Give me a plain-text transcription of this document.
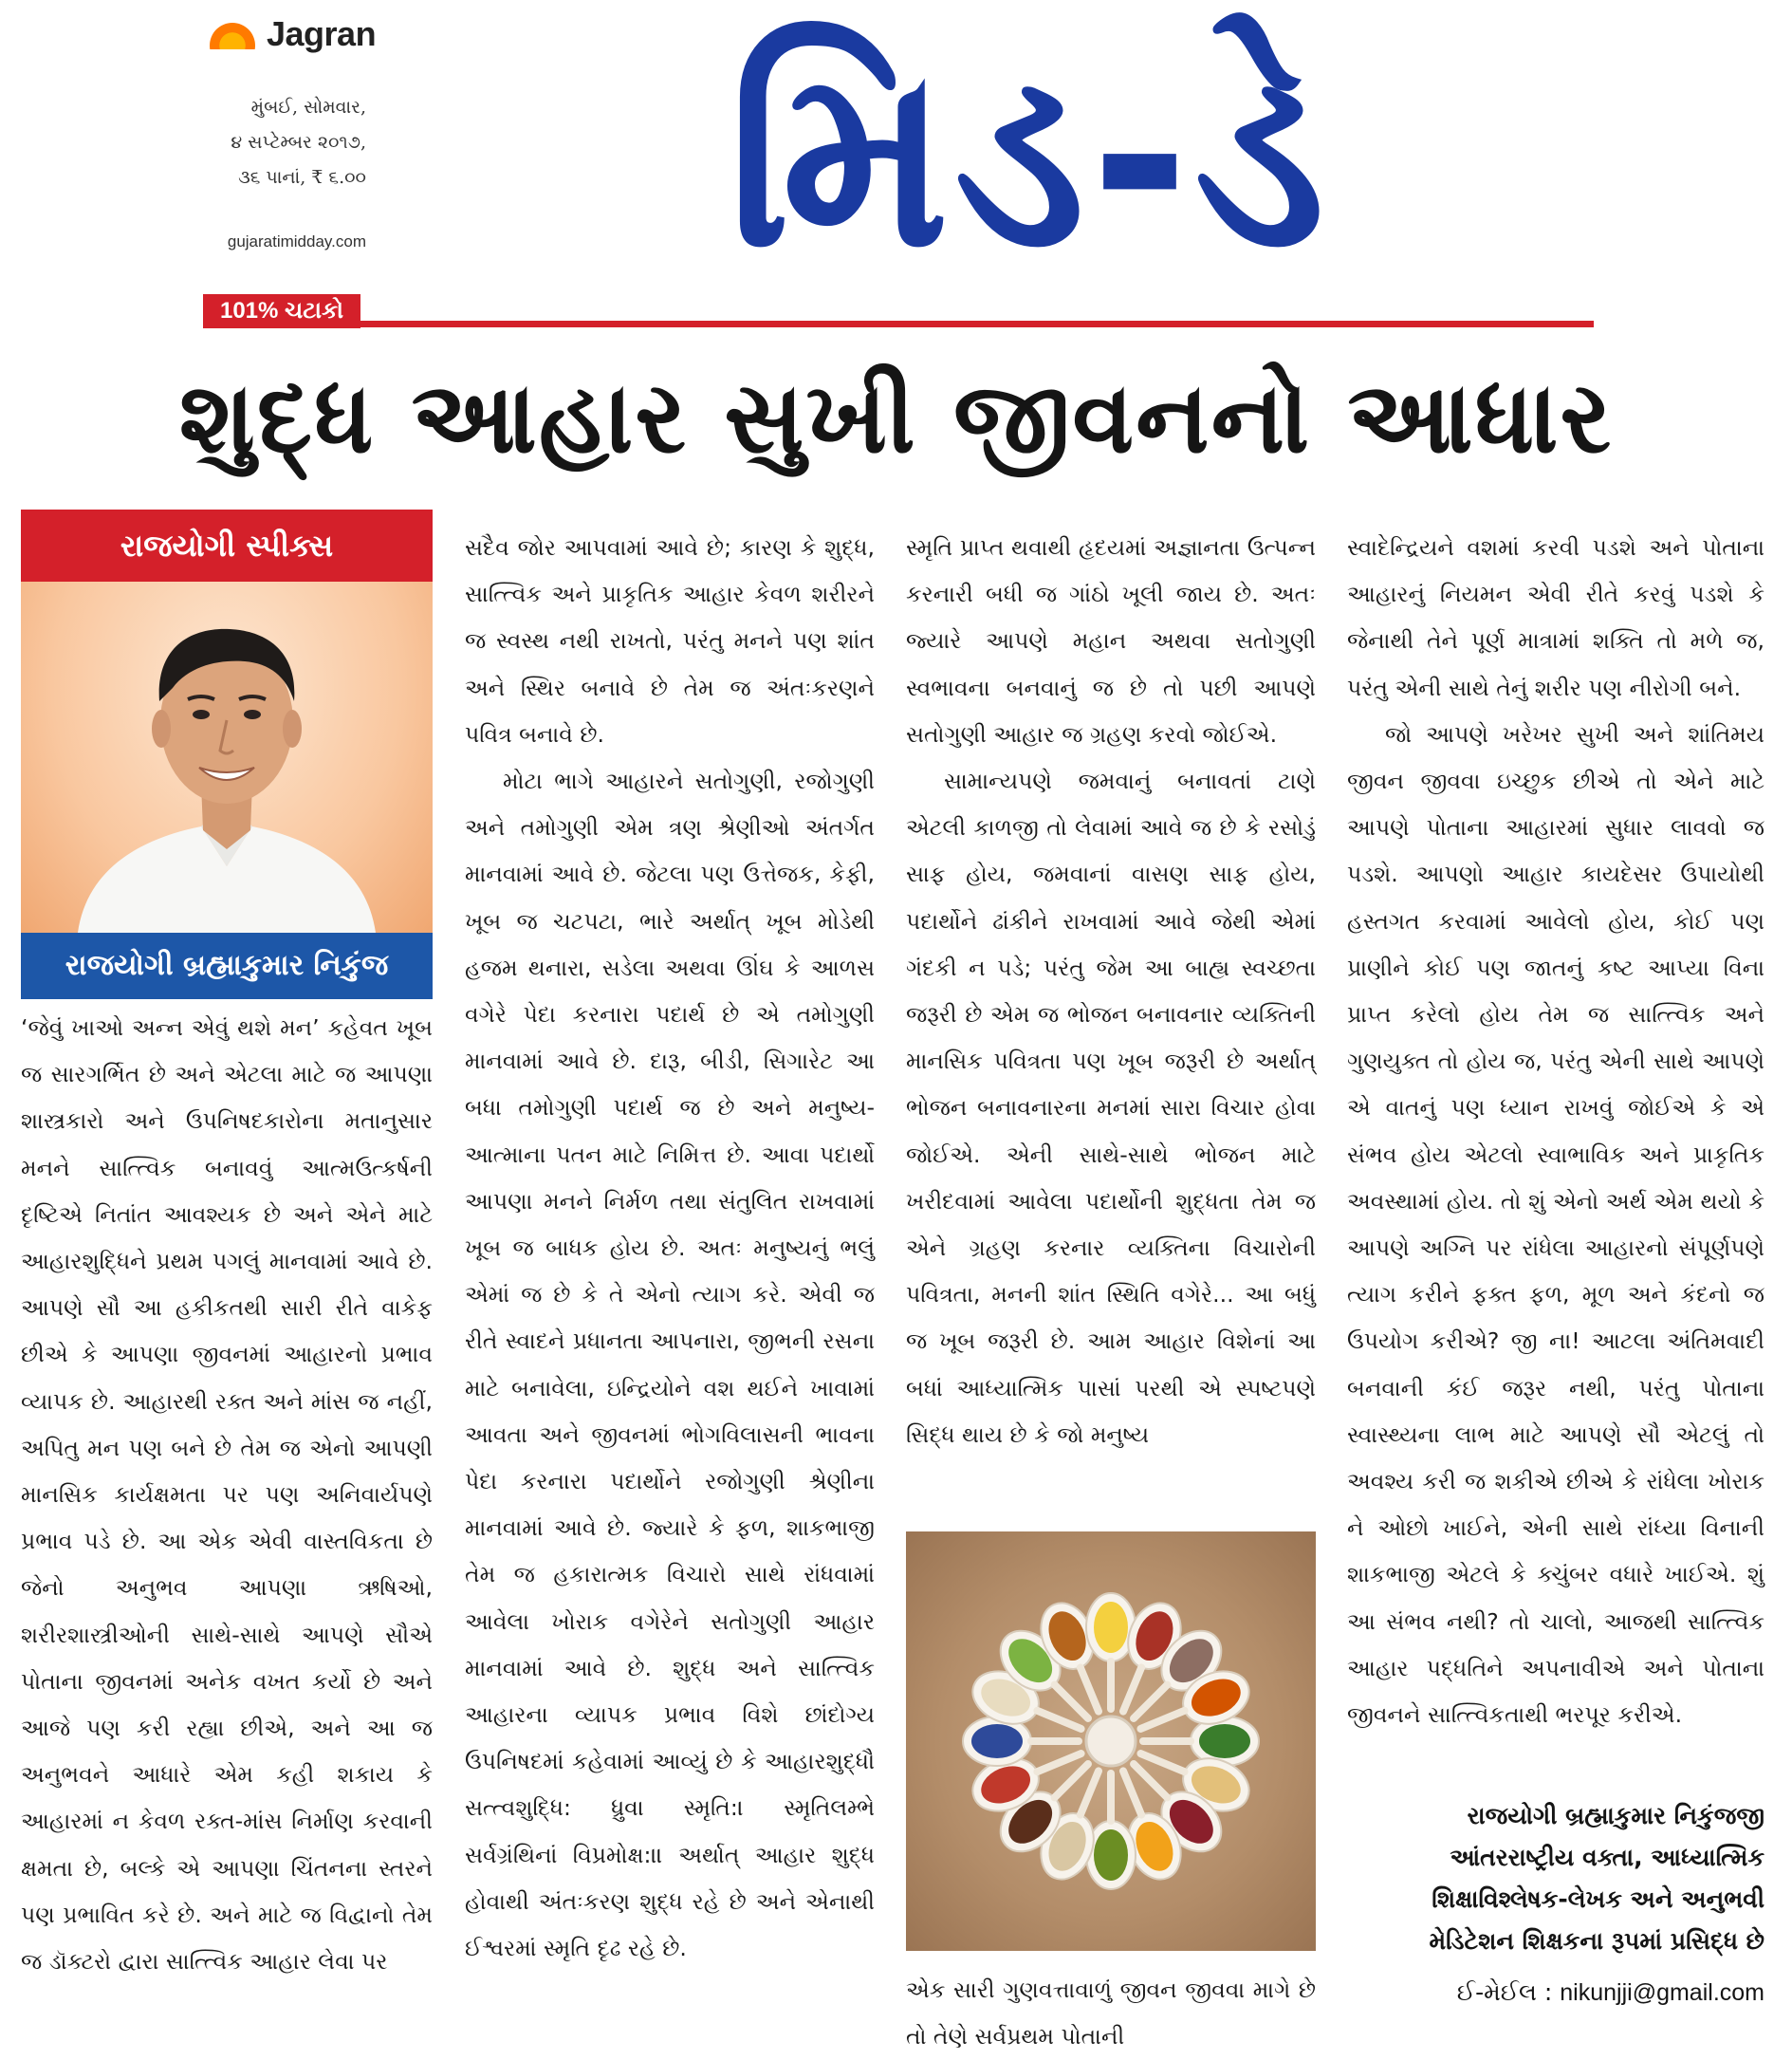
Jagran
મુંબઈ, સોમવાર,
૪ સપ્ટેમ્બર ૨૦૧૭,
૩૬ પાનાં, ₹ ૬.૦૦
gujaratimidday.com
101% ચટાકો
મિડ-ડે
શુદ્ધ આહાર સુખી જીવનનો આધાર
રાજયોગી સ્પીક્સ
રાજયોગી બ્રહ્માકુમાર નિકુંજ

‘જેવું ખાઓ અન્ન એવું થશે મન’ કહેવત ખૂબ જ સારગર્ભિત છે અને એટલા માટે જ આપણા શાસ્ત્રકારો અને ઉપનિષદકારોના મતાનુસાર મનને સાત્ત્વિક બનાવવું આત્મઉત્કર્ષની દૃષ્ટિએ નિતાંત આવશ્યક છે અને એને માટે આહારશુદ્ધિને પ્રથમ પગલું માનવામાં આવે છે. આપણે સૌ આ હકીકતથી સારી રીતે વાકેફ છીએ કે આપણા જીવનમાં આહારનો પ્રભાવ વ્યાપક છે. આહારથી રક્ત અને માંસ જ નહીં, અપિતુ મન પણ બને છે તેમ જ એનો આપણી માનસિક કાર્યક્ષમતા પર પણ અનિવાર્યપણે પ્રભાવ પડે છે. આ એક એવી વાસ્તવિકતા છે જેનો અનુભવ આપણા ઋષિઓ, શરીરશાસ્ત્રીઓની સાથે-સાથે આપણે સૌએ પોતાના જીવનમાં અનેક વખત કર્યો છે અને આજે પણ કરી રહ્યા છીએ, અને આ જ અનુભવને આધારે એમ કહી શકાય કે આહારમાં ન કેવળ રક્ત-માંસ નિર્માણ કરવાની ક્ષમતા છે, બલ્કે એ આપણા ચિંતનના સ્તરને પણ પ્રભાવિત કરે છે. અને માટે જ વિદ્વાનો તેમ જ ડૉક્ટરો દ્વારા સાત્ત્વિક આહાર લેવા પર

સદૈવ જોર આપવામાં આવે છે; કારણ કે શુદ્ધ, સાત્ત્વિક અને પ્રાકૃતિક આહાર કેવળ શરીરને જ સ્વસ્થ નથી રાખતો, પરંતુ મનને પણ શાંત અને સ્થિર બનાવે છે તેમ જ અંતઃકરણને પવિત્ર બનાવે છે.

મોટા ભાગે આહારને સતોગુણી, રજોગુણી અને તમોગુણી એમ ત્રણ શ્રેણીઓ અંતર્ગત માનવામાં આવે છે. જેટલા પણ ઉત્તેજક, કેફી, ખૂબ જ ચટપટા, ભારે અર્થાત્ ખૂબ મોડેથી હજમ થનારા, સડેલા અથવા ઊંઘ કે આળસ વગેરે પેદા કરનારા પદાર્થ છે એ તમોગુણી માનવામાં આવે છે. દારૂ, બીડી, સિગારેટ આ બધા તમોગુણી પદાર્થ જ છે અને મનુષ્ય-આત્માના પતન માટે નિમિત્ત છે. આવા પદાર્થો આપણા મનને નિર્મળ તથા સંતુલિત રાખવામાં ખૂબ જ બાધક હોય છે. અતઃ મનુષ્યનું ભલું એમાં જ છે કે તે એનો ત્યાગ કરે. એવી જ રીતે સ્વાદને પ્રધાનતા આપનારા, જીભની રસના માટે બનાવેલા, ઇન્દ્રિયોને વશ થઈને ખાવામાં આવતા અને જીવનમાં ભોગવિલાસની ભાવના પેદા કરનારા પદાર્થોને રજોગુણી શ્રેણીના માનવામાં આવે છે. જ્યારે કે ફળ, શાકભાજી તેમ જ હકારાત્મક વિચારો સાથે રાંધવામાં આવેલા ખોરાક વગેરેને સતોગુણી આહાર માનવામાં આવે છે. શુદ્ધ અને સાત્ત્વિક આહારના વ્યાપક પ્રભાવ વિશે છાંદોગ્ય ઉપનિષદમાં કહેવામાં આવ્યું છે કે આહારશુદ્ધૌ સત્ત્વશુદ્ધિ: ધ્રુવા સ્મૃતિ:। સ્મૃતિલમ્ભે સર્વગ્રંથિનાં વિપ્રમોક્ષ:॥ અર્થાત્ આહાર શુદ્ધ હોવાથી અંતઃકરણ શુદ્ધ રહે છે અને એનાથી ઈશ્વરમાં સ્મૃતિ દૃઢ રહે છે.

સ્મૃતિ પ્રાપ્ત થવાથી હૃદયમાં અજ્ઞાનતા ઉત્પન્ન કરનારી બધી જ ગાંઠો ખૂલી જાય છે. અતઃ જ્યારે આપણે મહાન અથવા સતોગુણી સ્વભાવના બનવાનું જ છે તો પછી આપણે સતોગુણી આહાર જ ગ્રહણ કરવો જોઈએ.

સામાન્યપણે જમવાનું બનાવતાં ટાણે એટલી કાળજી તો લેવામાં આવે જ છે કે રસોડું સાફ હોય, જમવાનાં વાસણ સાફ હોય, પદાર્થોને ઢાંકીને રાખવામાં આવે જેથી એમાં ગંદકી ન પડે; પરંતુ જેમ આ બાહ્ય સ્વચ્છતા જરૂરી છે એમ જ ભોજન બનાવનાર વ્યક્તિની માનસિક પવિત્રતા પણ ખૂબ જરૂરી છે અર્થાત્ ભોજન બનાવનારના મનમાં સારા વિચાર હોવા જોઈએ. એની સાથે-સાથે ભોજન માટે ખરીદવામાં આવેલા પદાર્થોની શુદ્ધતા તેમ જ એને ગ્રહણ કરનાર વ્યક્તિના વિચારોની પવિત્રતા, મનની શાંત સ્થિતિ વગેરે... આ બધું જ ખૂબ જરૂરી છે. આમ આહાર વિશેનાં આ બધાં આધ્યાત્મિક પાસાં પરથી એ સ્પષ્ટપણે સિદ્ધ થાય છે કે જો મનુષ્ય

એક સારી ગુણવત્તાવાળું જીવન જીવવા માગે છે તો તેણે સર્વપ્રથમ પોતાની

સ્વાદેન્દ્રિયને વશમાં કરવી પડશે અને પોતાના આહારનું નિયમન એવી રીતે કરવું પડશે કે જેનાથી તેને પૂર્ણ માત્રામાં શક્તિ તો મળે જ, પરંતુ એની સાથે તેનું શરીર પણ નીરોગી બને.

જો આપણે ખરેખર સુખી અને શાંતિમય જીવન જીવવા ઇચ્છુક છીએ તો એને માટે આપણે પોતાના આહારમાં સુધાર લાવવો જ પડશે. આપણો આહાર કાયદેસર ઉપાયોથી હસ્તગત કરવામાં આવેલો હોય, કોઈ પણ પ્રાણીને કોઈ પણ જાતનું કષ્ટ આપ્યા વિના પ્રાપ્ત કરેલો હોય તેમ જ સાત્ત્વિક અને ગુણયુક્ત તો હોય જ, પરંતુ એની સાથે આપણે એ વાતનું પણ ધ્યાન રાખવું જોઈએ કે એ સંભવ હોય એટલો સ્વાભાવિક અને પ્રાકૃતિક અવસ્થામાં હોય. તો શું એનો અર્થ એમ થયો કે આપણે અગ્નિ પર રાંધેલા આહારનો સંપૂર્ણપણે ત્યાગ કરીને ફક્ત ફળ, મૂળ અને કંદનો જ ઉપયોગ કરીએ? જી ના! આટલા અંતિમવાદી બનવાની કંઈ જરૂર નથી, પરંતુ પોતાના સ્વાસ્થ્યના લાભ માટે આપણે સૌ એટલું તો અવશ્ય કરી જ શકીએ છીએ કે રાંધેલા ખોરાક ને ઓછો ખાઈને, એની સાથે રાંધ્યા વિનાની શાકભાજી એટલે કે ક્ચુંબર વધારે ખાઈએ. શું આ સંભવ નથી? તો ચાલો, આજથી સાત્ત્વિક આહાર પદ્ધતિને અપનાવીએ અને પોતાના જીવનને સાત્ત્વિકતાથી ભરપૂર કરીએ.

રાજયોગી બ્રહ્માકુમાર નિકુંજજી
આંતરરાષ્ટ્રીય વક્તા, આધ્યાત્મિક
શિક્ષાવિશ્લેષક-લેખક અને અનુભવી
મેડિટેશન શિક્ષકના રૂપમાં પ્રસિદ્ધ છે
ઈ-મેઈલ : nikunjji@gmail.com
